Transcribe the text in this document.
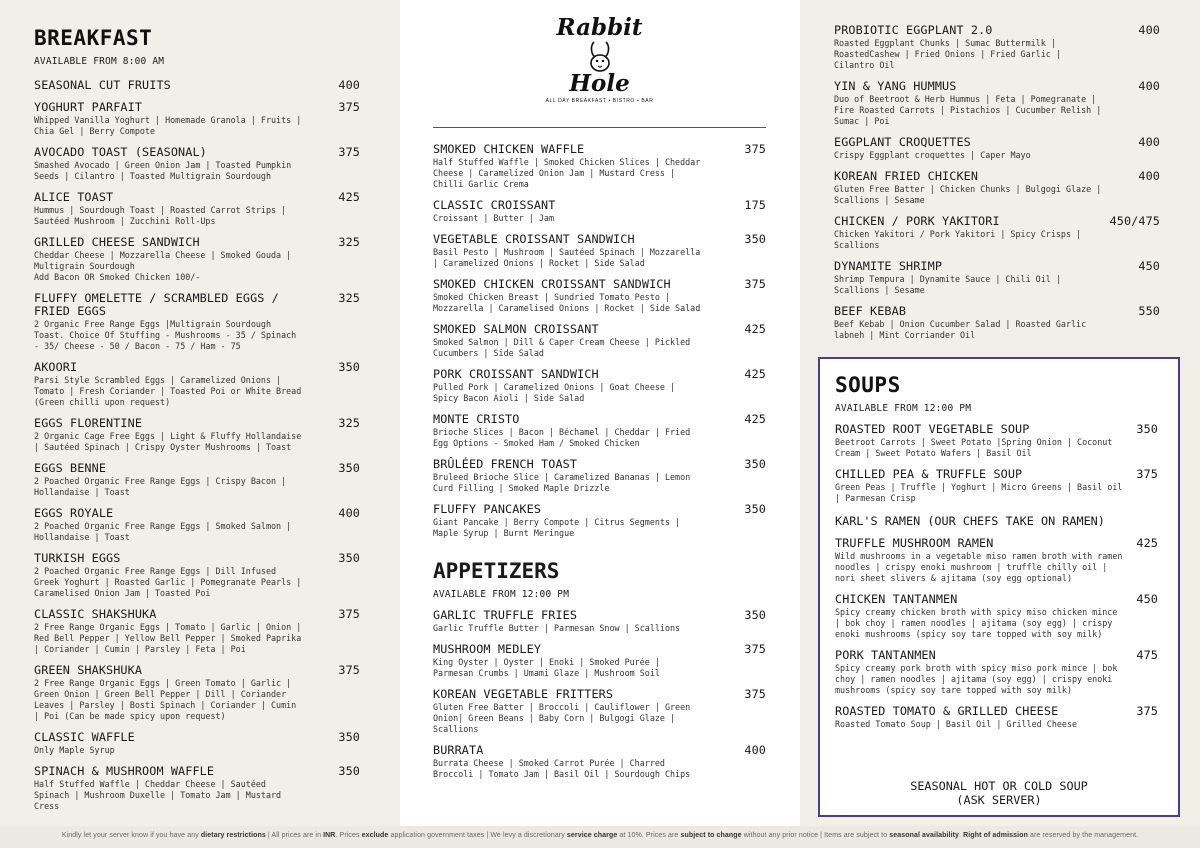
BREAKFAST
AVAILABLE FROM 8:00 AM
SEASONAL CUT FRUITS	400
YOGHURT PARFAIT	375
Whipped Vanilla Yoghurt | Homemade Granola | Fruits | Chia Gel | Berry Compote
AVOCADO TOAST (SEASONAL)	375
Smashed Avocado | Green Onion Jam | Toasted Pumpkin Seeds | Cilantro | Toasted Multigrain Sourdough
ALICE TOAST	425
Hummus | Sourdough Toast | Roasted Carrot Strips | Sautéed Mushroom | Zucchini Roll-Ups
GRILLED CHEESE SANDWICH	325
Cheddar Cheese | Mozzarella Cheese | Smoked Gouda | Multigrain Sourdough
Add Bacon OR Smoked Chicken 100/-
FLUFFY OMELETTE / SCRAMBLED EGGS / FRIED EGGS
325
2 Organic Free Range Eggs |Multigrain Sourdough Toast. Choice Of Stuffing - Mushrooms - 35 / Spinach - 35/ Cheese - 50 / Bacon - 75 / Ham - 75
AKOORI	350
Parsi Style Scrambled Eggs | Caramelized Onions | Tomato | Fresh Coriander | Toasted Poi or White Bread (Green chilli upon request)
EGGS FLORENTINE	325
2 Organic Cage Free Eggs | Light & Fluffy Hollandaise | Sautéed Spinach | Crispy Oyster Mushrooms | Toast
EGGS BENNE	350
2 Poached Organic Free Range Eggs | Crispy Bacon | Hollandaise | Toast
EGGS ROYALE	400
2 Poached Organic Free Range Eggs | Smoked Salmon | Hollandaise | Toast
TURKISH EGGS	350
2 Poached Organic Free Range Eggs | Dill Infused Greek Yoghurt | Roasted Garlic | Pomegranate Pearls | Caramelised Onion Jam | Toasted Poi
CLASSIC SHAKSHUKA	375
2 Free Range Organic Eggs | Tomato | Garlic | Onion | Red Bell Pepper | Yellow Bell Pepper | Smoked Paprika | Coriander | Cumin | Parsley | Feta | Poi
GREEN SHAKSHUKA	375
2 Free Range Organic Eggs | Green Tomato | Garlic | Green Onion | Green Bell Pepper | Dill | Coriander Leaves | Parsley | Bosti Spinach | Coriander | Cumin | Poi (Can be made spicy upon request)
CLASSIC WAFFLE	350
Only Maple Syrup
SPINACH & MUSHROOM WAFFLE	350
Half Stuffed Waffle | Cheddar Cheese | Sautéed Spinach | Mushroom Duxelle | Tomato Jam | Mustard Cress
Rabbit
Hole
ALL DAY BREAKFAST • BISTRO • BAR
SMOKED CHICKEN WAFFLE	375
Half Stuffed Waffle | Smoked Chicken Slices | Cheddar Cheese | Caramelized Onion Jam | Mustard Cress | Chilli Garlic Crema
CLASSIC CROISSANT	175
Croissant | Butter | Jam
VEGETABLE CROISSANT SANDWICH	350
Basil Pesto | Mushroom | Sautéed Spinach | Mozzarella | Caramelized Onions | Rocket | Side Salad
SMOKED CHICKEN CROISSANT SANDWICH	375
Smoked Chicken Breast | Sundried Tomato Pesto | Mozzarella | Caramelised Onions | Rocket | Side Salad
SMOKED SALMON CROISSANT	425
Smoked Salmon | Dill & Caper Cream Cheese | Pickled Cucumbers | Side Salad
PORK CROISSANT SANDWICH	425
Pulled Pork | Caramelized Onions | Goat Cheese | Spicy Bacon Aioli | Side Salad
MONTE CRISTO	425
Brioche Slices | Bacon | Béchamel | Cheddar | Fried Egg Options - Smoked Ham / Smoked Chicken
BRÛLÉED FRENCH TOAST	350
Bruleed Brioche Slice | Caramelized Bananas | Lemon Curd Filling | Smoked Maple Drizzle
FLUFFY PANCAKES	350
Giant Pancake | Berry Compote | Citrus Segments | Maple Syrup | Burnt Meringue
APPETIZERS
AVAILABLE FROM 12:00 PM
GARLIC TRUFFLE FRIES	350
Garlic Truffle Butter | Parmesan Snow | Scallions
MUSHROOM MEDLEY	375
King Oyster | Oyster | Enoki | Smoked Purée | Parmesan Crumbs | Umami Glaze | Mushroom Soil
KOREAN VEGETABLE FRITTERS	375
Gluten Free Batter | Broccoli | Cauliflower | Green Onion| Green Beans | Baby Corn | Bulgogi Glaze | Scallions
BURRATA	400
Burrata Cheese | Smoked Carrot Purée | Charred Broccoli | Tomato Jam | Basil Oil | Sourdough Chips
PROBIOTIC EGGPLANT 2.0	400
Roasted Eggplant Chunks | Sumac Buttermilk | RoastedCashew | Fried Onions | Fried Garlic | Cilantro Oil
YIN & YANG HUMMUS	400
Duo of Beetroot & Herb Hummus | Feta | Pomegranate | Fire Roasted Carrots | Pistachios | Cucumber Relish | Sumac | Poi
EGGPLANT CROQUETTES	400
Crispy Eggplant croquettes | Caper Mayo
KOREAN FRIED CHICKEN	400
Gluten Free Batter | Chicken Chunks | Bulgogi Glaze | Scallions | Sesame
CHICKEN / PORK YAKITORI	450/475
Chicken Yakitori / Pork Yakitori | Spicy Crisps | Scallions
DYNAMITE SHRIMP	450
Shrimp Tempura | Dynamite Sauce | Chili Oil | Scallions | Sesame
BEEF KEBAB	550
Beef Kebab | Onion Cucumber Salad | Roasted Garlic labneh | Mint Corriander Oil
SOUPS
AVAILABLE FROM 12:00 PM
ROASTED ROOT VEGETABLE SOUP	350
Beetroot Carrots | Sweet Potato |Spring Onion | Coconut Cream | Sweet Potato Wafers | Basil Oil
CHILLED PEA & TRUFFLE SOUP	375
Green Peas | Truffle | Yoghurt | Micro Greens | Basil oil | Parmesan Crisp
KARL'S RAMEN (OUR CHEFS TAKE ON RAMEN)
TRUFFLE MUSHROOM RAMEN	425
Wild mushrooms in a vegetable miso ramen broth with ramen noodles | crispy enoki mushroom | truffle chilly oil | nori sheet slivers & ajitama (soy egg optional)
CHICKEN TANTANMEN	450
Spicy creamy chicken broth with spicy miso chicken mince | bok choy | ramen noodles | ajitama (soy egg) | crispy enoki mushrooms (spicy soy tare topped with soy milk)
PORK TANTANMEN	475
Spicy creamy pork broth with spicy miso pork mince | bok choy | ramen noodles | ajitama (soy egg) | crispy enoki mushrooms (spicy soy tare topped with soy milk)
ROASTED TOMATO & GRILLED CHEESE	375
Roasted Tomato Soup | Basil Oil | Grilled Cheese
SEASONAL HOT OR COLD SOUP
(ASK SERVER)
Kindly let your server know if you have any dietary restrictions | All prices are in INR. Prices exclude application government taxes | We levy a discretionary service charge at 10%. Prices are subject to change without any prior notice | Items are subject to seasonal availability. Right of admission are reserved by the management.
